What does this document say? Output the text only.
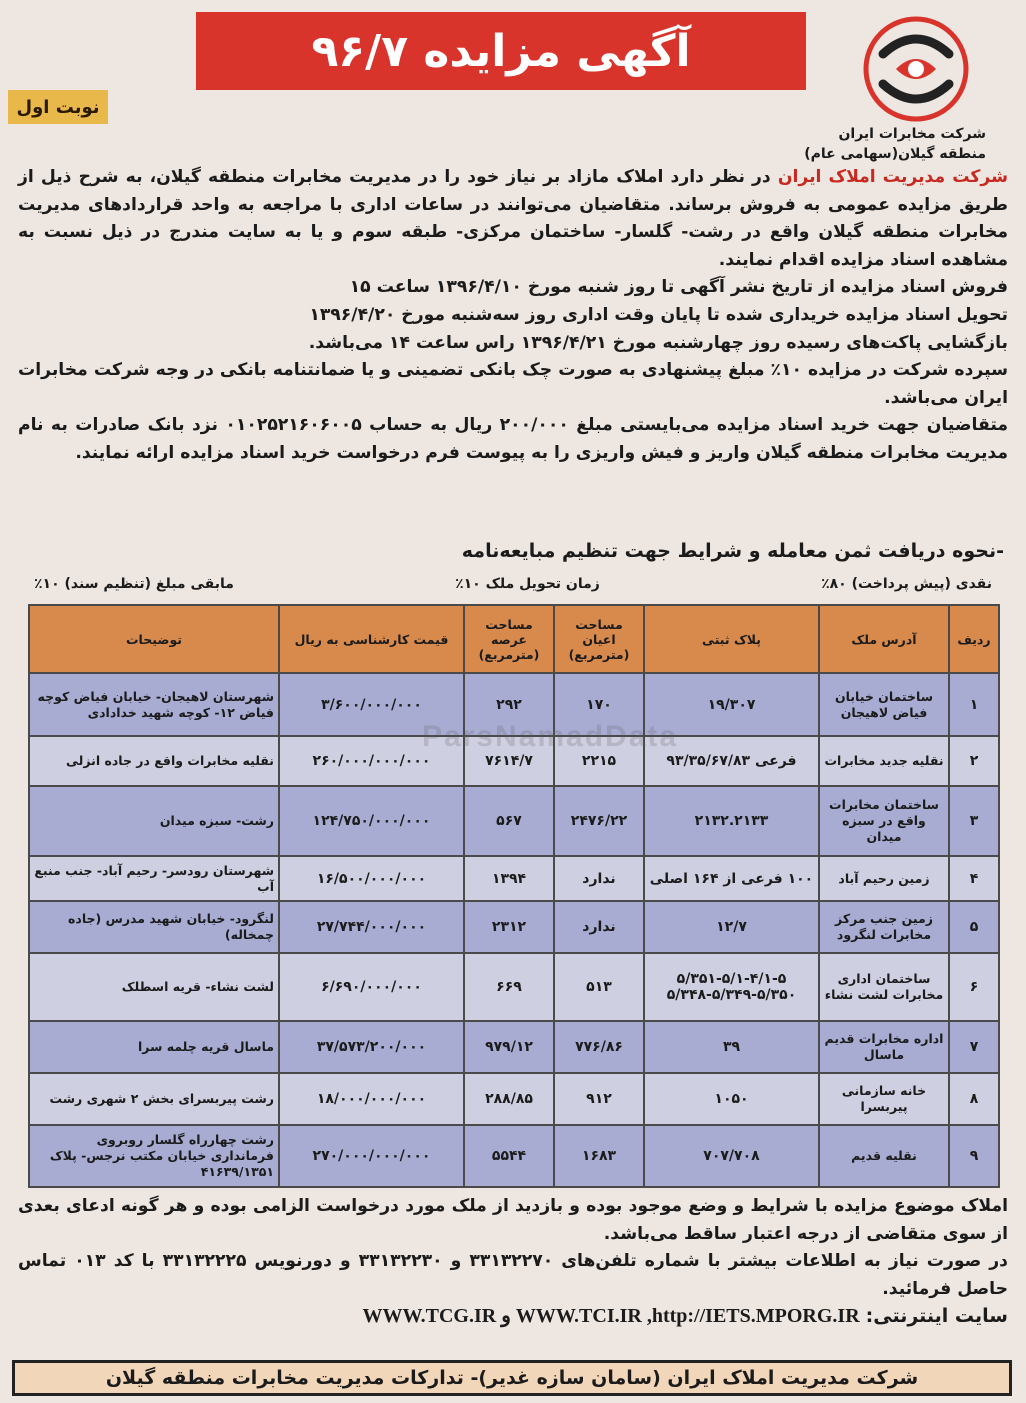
آگهی مزایده ۹۶/۷
نوبت اول
شرکت مخابرات ایران
منطقه گیلان(سهامی عام)

شرکت مدیریت املاک ایران در نظر دارد املاک مازاد بر نیاز خود را در مدیریت مخابرات منطقه گیلان، به شرح ذیل از طریق مزایده عمومی به فروش برساند. متقاضیان می‌توانند در ساعات اداری با مراجعه به واحد قراردادهای مدیریت مخابرات منطقه گیلان واقع در رشت- گلسار- ساختمان مرکزی- طبقه سوم و یا به سایت مندرج در ذیل نسبت به مشاهده اسناد مزایده اقدام نمایند.

فروش اسناد مزایده از تاریخ نشر آگهی تا روز شنبه مورخ ۱۳۹۶/۴/۱۰ ساعت ۱۵

تحویل اسناد مزایده خریداری شده تا پایان وقت اداری روز سه‌شنبه مورخ ۱۳۹۶/۴/۲۰

بازگشایی پاکت‌های رسیده روز چهارشنبه مورخ ۱۳۹۶/۴/۲۱ راس ساعت ۱۴ می‌باشد.

سپرده شرکت در مزایده ۱۰٪ مبلغ پیشنهادی به صورت چک بانکی تضمینی و یا ضمانتنامه بانکی در وجه شرکت مخابرات ایران می‌باشد.

متقاضیان جهت خرید اسناد مزایده می‌بایستی مبلغ ۲۰۰/۰۰۰ ریال به حساب ۰۱۰۲۵۲۱۶۰۶۰۰۵ نزد بانک صادرات به نام مدیریت مخابرات منطقه گیلان واریز و فیش واریزی را به پیوست فرم درخواست خرید اسناد مزایده ارائه نمایند.

-نحوه دریافت ثمن معامله و شرایط جهت تنظیم مبایعه‌نامه
نقدی (پیش پرداخت) ۸۰٪
زمان تحویل ملک ۱۰٪
مابقی مبلغ (تنظیم سند) ۱۰٪
ردیف	آدرس ملک	پلاک ثبتی	مساحت اعیان (مترمربع)	مساحت عرصه (مترمربع)	قیمت کارشناسی به ریال	توضیحات
۱	ساختمان خیابان فیاض لاهیجان	۱۹/۳۰۷	۱۷۰	۲۹۲	۳/۶۰۰/۰۰۰/۰۰۰	شهرستان لاهیجان- خیابان فیاض کوچه فیاض ۱۲- کوچه شهید خدادادی
۲	نقلیه جدید مخابرات	فرعی ۹۳/۳۵/۶۷/۸۳	۲۲۱۵	۷۶۱۴/۷	۲۶۰/۰۰۰/۰۰۰/۰۰۰	نقلیه مخابرات واقع در جاده انزلی
۳	ساختمان مخابرات واقع در سبزه میدان	۲۱۳۲.۲۱۳۳	۲۴۷۶/۲۲	۵۶۷	۱۲۴/۷۵۰/۰۰۰/۰۰۰	رشت- سبزه میدان
۴	زمین رحیم آباد	۱۰۰ فرعی از ۱۶۴ اصلی	ندارد	۱۳۹۴	۱۶/۵۰۰/۰۰۰/۰۰۰	شهرستان رودسر- رحیم آباد- جنب منبع آب
۵	زمین جنب مرکز مخابرات لنگرود	۱۲/۷	ندارد	۲۳۱۲	۲۷/۷۴۴/۰۰۰/۰۰۰	لنگرود- خیابان شهید مدرس (جاده چمخاله)
۶	ساختمان اداری مخابرات لشت نشاء	۵/۳۵۱-۵/۱-۴/۱-۵ ۵/۳۴۸-۵/۳۴۹-۵/۳۵۰	۵۱۳	۶۶۹	۶/۶۹۰/۰۰۰/۰۰۰	لشت نشاء- قریه اسطلک
۷	اداره مخابرات قدیم ماسال	۳۹	۷۷۶/۸۶	۹۷۹/۱۲	۳۷/۵۷۳/۲۰۰/۰۰۰	ماسال قریه چلمه سرا
۸	خانه سازمانی پیربسرا	۱۰۵۰	۹۱۲	۲۸۸/۸۵	۱۸/۰۰۰/۰۰۰/۰۰۰	رشت پیربسرای بخش ۲ شهری رشت
۹	نقلیه قدیم	۷۰۷/۷۰۸	۱۶۸۳	۵۵۴۴	۲۷۰/۰۰۰/۰۰۰/۰۰۰	رشت چهارراه گلسار روبروی فرمانداری خیابان مکتب نرجس- پلاک ۴۱۶۳۹/۱۳۵۱
ParsNamadData

املاک موضوع مزایده با شرایط و وضع موجود بوده و بازدید از ملک مورد درخواست الزامی بوده و هر گونه ادعای بعدی از سوی متقاضی از درجه اعتبار ساقط می‌باشد.

در صورت نیاز به اطلاعات بیشتر با شماره تلفن‌های ۳۳۱۳۲۲۷۰ و ۳۳۱۳۲۲۳۰ و دورنویس ۳۳۱۳۲۲۲۵ با کد ۰۱۳ تماس حاصل فرمائید.

سایت اینترنتی: WWW.TCG.IR و WWW.TCI.IR ,http://IETS.MPORG.IR

شرکت مدیریت املاک ایران (سامان سازه غدیر)- تدارکات مدیریت مخابرات منطقه گیلان
